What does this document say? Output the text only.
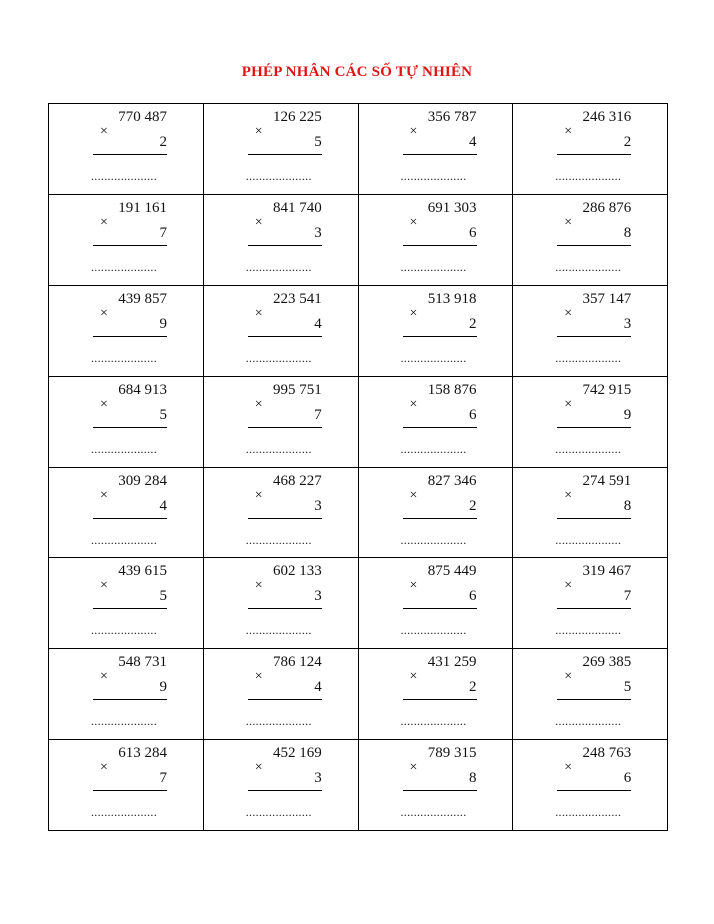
PHÉP NHÂN CÁC SỐ TỰ NHIÊN
770 487
×
2
....................
126 225
×
5
....................
356 787
×
4
....................
246 316
×
2
....................
191 161
×
7
....................
841 740
×
3
....................
691 303
×
6
....................
286 876
×
8
....................
439 857
×
9
....................
223 541
×
4
....................
513 918
×
2
....................
357 147
×
3
....................
684 913
×
5
....................
995 751
×
7
....................
158 876
×
6
....................
742 915
×
9
....................
309 284
×
4
....................
468 227
×
3
....................
827 346
×
2
....................
274 591
×
8
....................
439 615
×
5
....................
602 133
×
3
....................
875 449
×
6
....................
319 467
×
7
....................
548 731
×
9
....................
786 124
×
4
....................
431 259
×
2
....................
269 385
×
5
....................
613 284
×
7
....................
452 169
×
3
....................
789 315
×
8
....................
248 763
×
6
....................
